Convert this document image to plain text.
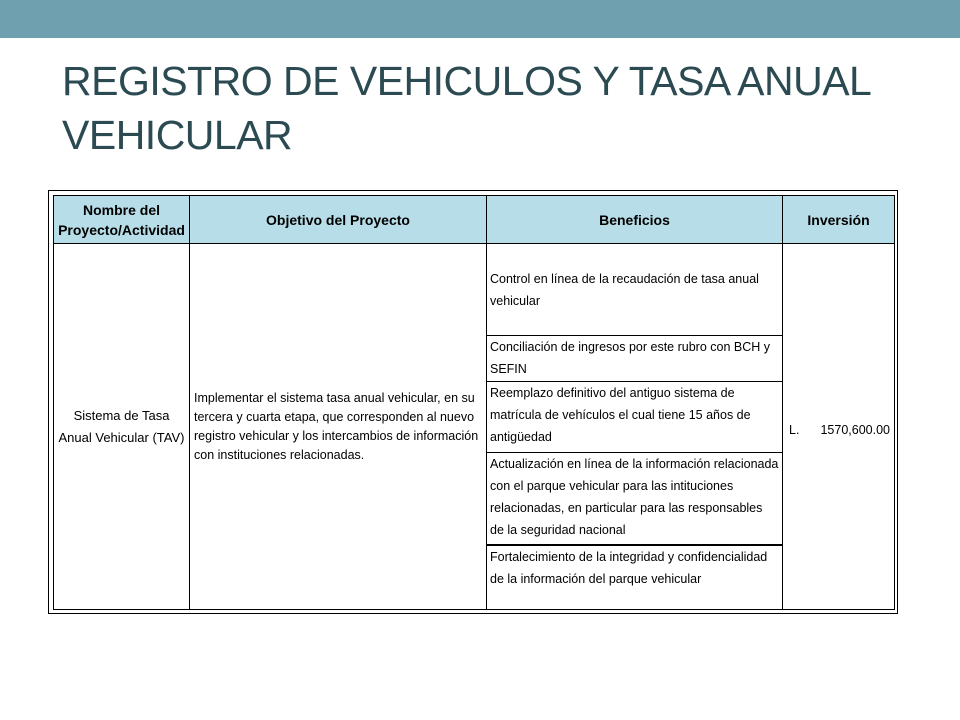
REGISTRO DE VEHICULOS Y TASA ANUAL
VEHICULAR
Nombre del Proyecto/Actividad
Objetivo del Proyecto	Beneficios	Inversión
Sistema de Tasa Anual Vehicular (TAV)
Implementar el sistema tasa anual vehicular, en su tercera y cuarta etapa, que corresponden al nuevo registro vehicular y los intercambios de información con instituciones relacionadas.
Control en línea de la recaudación de tasa anual vehicular
Conciliación de ingresos por este rubro con BCH y SEFIN
Reemplazo definitivo del antiguo sistema de matrícula de vehículos el cual tiene 15 años de antigüedad
Actualización en línea de la información relacionada con el parque vehicular para las intituciones relacionadas, en particular para las responsables de la seguridad nacional
Fortalecimiento de la integridad y confidencialidad de la información del parque vehicular
L. 1570,600.00
